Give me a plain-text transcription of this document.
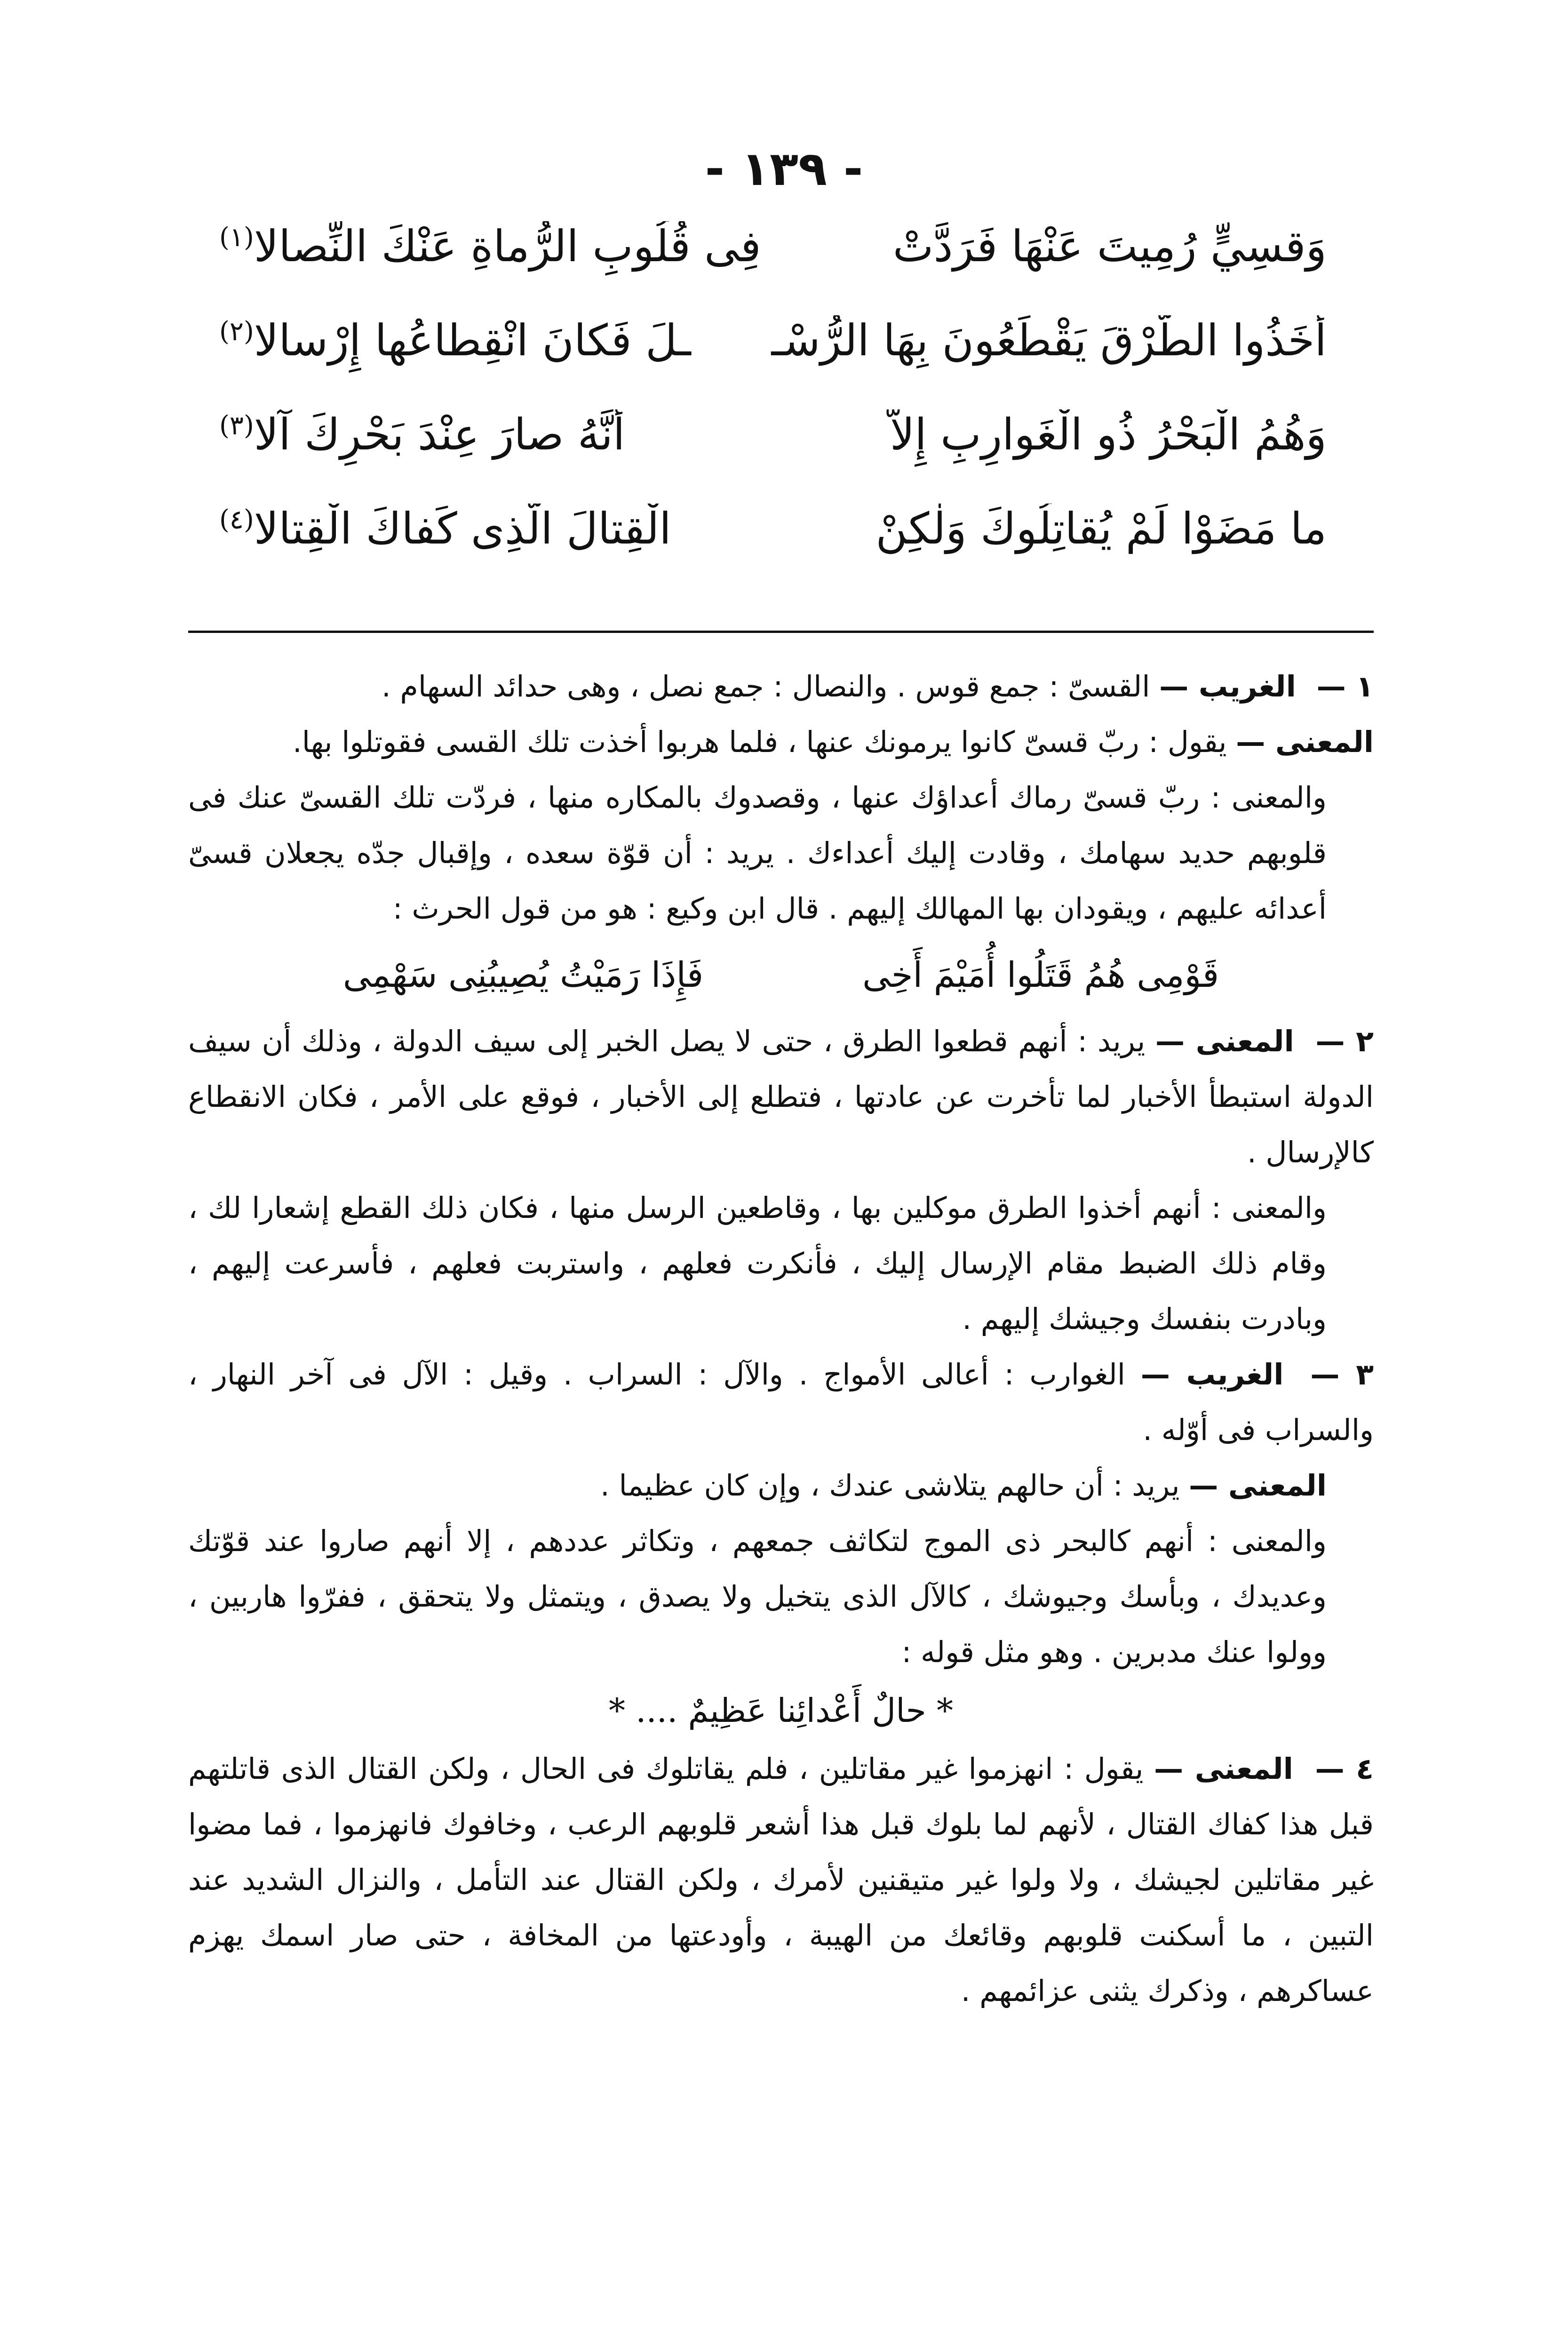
- ١٣٩ -
وَقسِيٍّ رُمِيتَ عَنْهَا فَرَدَّتْ
فِى قُلُوبِ الرُّماةِ عَنْكَ النِّصالا$^{(١)}$
أَخَذُوا الطُّرْقَ يَقْطَعُونَ بِهَا الرُّسْـ
ـلَ فَكانَ انْقِطاعُها إِرْسالا$^{(٢)}$
وَهُمُ الْبَحْرُ ذُو الْغَوارِبِ إِلاَّ
أَنَّهُ صارَ عِنْدَ بَحْرِكَ آلا$^{(٣)}$
ما مَضَوْا لَمْ يُقاتِلُوكَ وَلٰكِنْ
الْقِتالَ الَّذِى كَفاكَ الْقِتالا$^{(٤)}$

١ — الغريب — القسىّ : جمع قوس . والنصال : جمع نصل ، وهى حدائد السهام .

المعنى — يقول : ربّ قسىّ كانوا يرمونك عنها ، فلما هربوا أخذت تلك القسى فقوتلوا بها.

والمعنى : ربّ قسىّ رماك أعداؤك عنها ، وقصدوك بالمكاره منها ، فردّت تلك القسىّ عنك فى قلوبهم حديد سهامك ، وقادت إليك أعداءك . يريد : أن قوّة سعده ، وإقبال جدّه يجعلان قسىّ أعدائه عليهم ، ويقودان بها المهالك إليهم . قال ابن وكيع : هو من قول الحرث :

قَوْمِى هُمُ قَتَلُوا أُمَيْمَ أَخِى
فَإِذَا رَمَيْتُ يُصِيبُنِى سَهْمِى

٢ — المعنى — يريد : أنهم قطعوا الطرق ، حتى لا يصل الخبر إلى سيف الدولة ، وذلك أن سيف الدولة استبطأ الأخبار لما تأخرت عن عادتها ، فتطلع إلى الأخبار ، فوقع على الأمر ، فكان الانقطاع كالإرسال .

والمعنى : أنهم أخذوا الطرق موكلين بها ، وقاطعين الرسل منها ، فكان ذلك القطع إشعارا لك ، وقام ذلك الضبط مقام الإرسال إليك ، فأنكرت فعلهم ، واستربت فعلهم ، فأسرعت إليهم ، وبادرت بنفسك وجيشك إليهم .

٣ — الغريب — الغوارب : أعالى الأمواج . والآل : السراب . وقيل : الآل فى آخر النهار ، والسراب فى أوّله .

المعنى — يريد : أن حالهم يتلاشى عندك ، وإن كان عظيما .

والمعنى : أنهم كالبحر ذى الموج لتكاثف جمعهم ، وتكاثر عددهم ، إلا أنهم صاروا عند قوّتك وعديدك ، وبأسك وجيوشك ، كالآل الذى يتخيل ولا يصدق ، ويتمثل ولا يتحقق ، ففرّوا هاربين ، وولوا عنك مدبرين . وهو مثل قوله :

* حالٌ أَعْدائِنا عَظِيمٌ .... *

٤ — المعنى — يقول : انهزموا غير مقاتلين ، فلم يقاتلوك فى الحال ، ولكن القتال الذى قاتلتهم قبل هذا كفاك القتال ، لأنهم لما بلوك قبل هذا أشعر قلوبهم الرعب ، وخافوك فانهزموا ، فما مضوا غير مقاتلين لجيشك ، ولا ولوا غير متيقنين لأمرك ، ولكن القتال عند التأمل ، والنزال الشديد عند التبين ، ما أسكنت قلوبهم وقائعك من الهيبة ، وأودعتها من المخافة ، حتى صار اسمك يهزم عساكرهم ، وذكرك يثنى عزائمهم .
